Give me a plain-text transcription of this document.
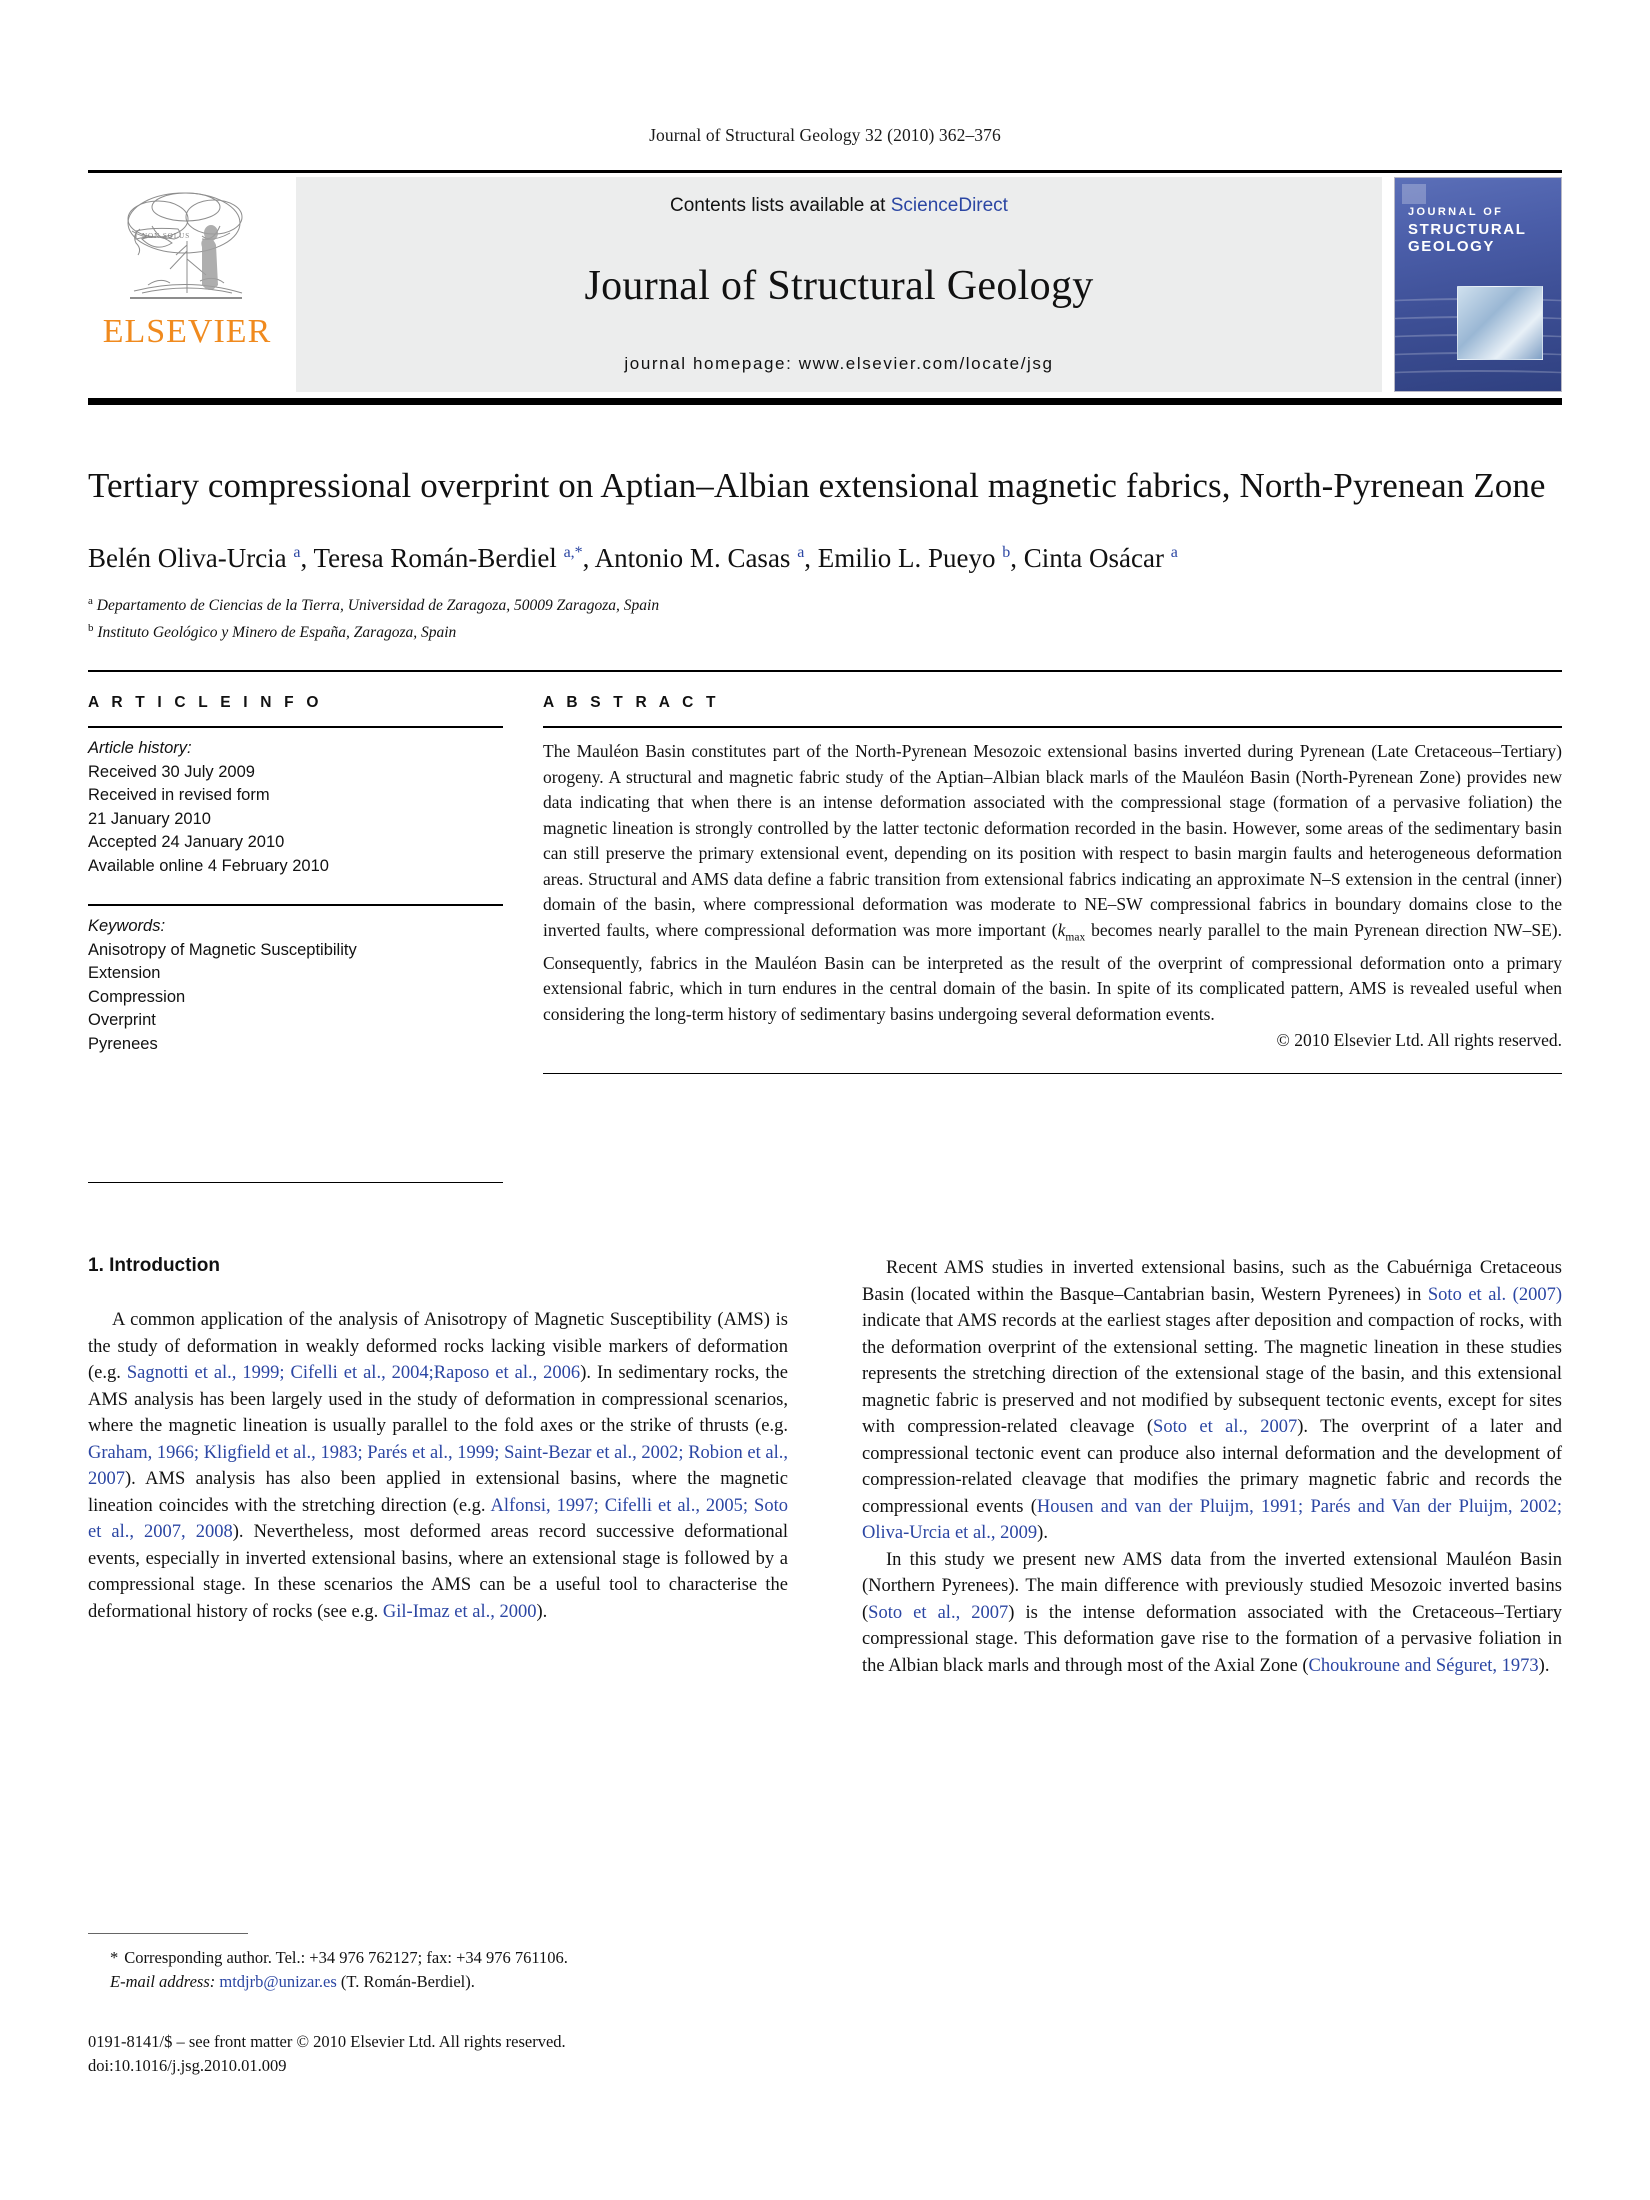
Journal of Structural Geology 32 (2010) 362–376
NON SOLUS
ELSEVIER
Contents lists available at ScienceDirect
Journal of Structural Geology
journal homepage: www.elsevier.com/locate/jsg
JOURNAL OF
STRUCTURAL
GEOLOGY
Tertiary compressional overprint on Aptian–Albian extensional magnetic fabrics, North-Pyrenean Zone
Belén Oliva-Urcia $^a$, Teresa Román-Berdiel $^{a,*}$, Antonio M. Casas $^a$, Emilio L. Pueyo $^b$, Cinta Osácar $^a$
$^a$ Departamento de Ciencias de la Tierra, Universidad de Zaragoza, 50009 Zaragoza, Spain
$^b$ Instituto Geológico y Minero de España, Zaragoza, Spain
A R T I C L E I N F O
Article history:
Received 30 July 2009
Received in revised form
21 January 2010
Accepted 24 January 2010
Available online 4 February 2010
Keywords:
Anisotropy of Magnetic Susceptibility
Extension
Compression
Overprint
Pyrenees
A B S T R A C T
The Mauléon Basin constitutes part of the North-Pyrenean Mesozoic extensional basins inverted during Pyrenean (Late Cretaceous–Tertiary) orogeny. A structural and magnetic fabric study of the Aptian–Albian black marls of the Mauléon Basin (North-Pyrenean Zone) provides new data indicating that when there is an intense deformation associated with the compressional stage (formation of a pervasive foliation) the magnetic lineation is strongly controlled by the latter tectonic deformation recorded in the basin. However, some areas of the sedimentary basin can still preserve the primary extensional event, depending on its position with respect to basin margin faults and heterogeneous deformation areas. Structural and AMS data define a fabric transition from extensional fabrics indicating an approximate N–S extension in the central (inner) domain of the basin, where compressional deformation was moderate to NE–SW compressional fabrics in boundary domains close to the inverted faults, where compressional deformation was more important ($k_{max}$ becomes nearly parallel to the main Pyrenean direction NW–SE). Consequently, fabrics in the Mauléon Basin can be interpreted as the result of the overprint of compressional deformation onto a primary extensional fabric, which in turn endures in the central domain of the basin. In spite of its complicated pattern, AMS is revealed useful when considering the long-term history of sedimentary basins undergoing several deformation events.
© 2010 Elsevier Ltd. All rights reserved.
1. Introduction
A common application of the analysis of Anisotropy of Magnetic Susceptibility (AMS) is the study of deformation in weakly deformed rocks lacking visible markers of deformation (e.g. Sagnotti et al., 1999; Cifelli et al., 2004;Raposo et al., 2006). In sedimentary rocks, the AMS analysis has been largely used in the study of deformation in compressional scenarios, where the magnetic lineation is usually parallel to the fold axes or the strike of thrusts (e.g. Graham, 1966; Kligfield et al., 1983; Parés et al., 1999; Saint-Bezar et al., 2002; Robion et al., 2007). AMS analysis has also been applied in extensional basins, where the magnetic lineation coincides with the stretching direction (e.g. Alfonsi, 1997; Cifelli et al., 2005; Soto et al., 2007, 2008). Nevertheless, most deformed areas record successive deformational events, especially in inverted extensional basins, where an extensional stage is followed by a compressional stage. In these scenarios the AMS can be a useful tool to characterise the deformational history of rocks (see e.g. Gil-Imaz et al., 2000).
Recent AMS studies in inverted extensional basins, such as the Cabuérniga Cretaceous Basin (located within the Basque–Cantabrian basin, Western Pyrenees) in Soto et al. (2007) indicate that AMS records at the earliest stages after deposition and compaction of rocks, with the deformation overprint of the extensional setting. The magnetic lineation in these studies represents the stretching direction of the extensional stage of the basin, and this extensional magnetic fabric is preserved and not modified by subsequent tectonic events, except for sites with compression-related cleavage (Soto et al., 2007). The overprint of a later and compressional tectonic event can produce also internal deformation and the development of compression-related cleavage that modifies the primary magnetic fabric and records the compressional events (Housen and van der Pluijm, 1991; Parés and Van der Pluijm, 2002; Oliva-Urcia et al., 2009).
In this study we present new AMS data from the inverted extensional Mauléon Basin (Northern Pyrenees). The main difference with previously studied Mesozoic inverted basins (Soto et al., 2007) is the intense deformation associated with the Cretaceous–Tertiary compressional stage. This deformation gave rise to the formation of a pervasive foliation in the Albian black marls and through most of the Axial Zone (Choukroune and Séguret, 1973).
* Corresponding author. Tel.: +34 976 762127; fax: +34 976 761106.
E-mail address: mtdjrb@unizar.es (T. Román-Berdiel).
0191-8141/$ – see front matter © 2010 Elsevier Ltd. All rights reserved.
doi:10.1016/j.jsg.2010.01.009
